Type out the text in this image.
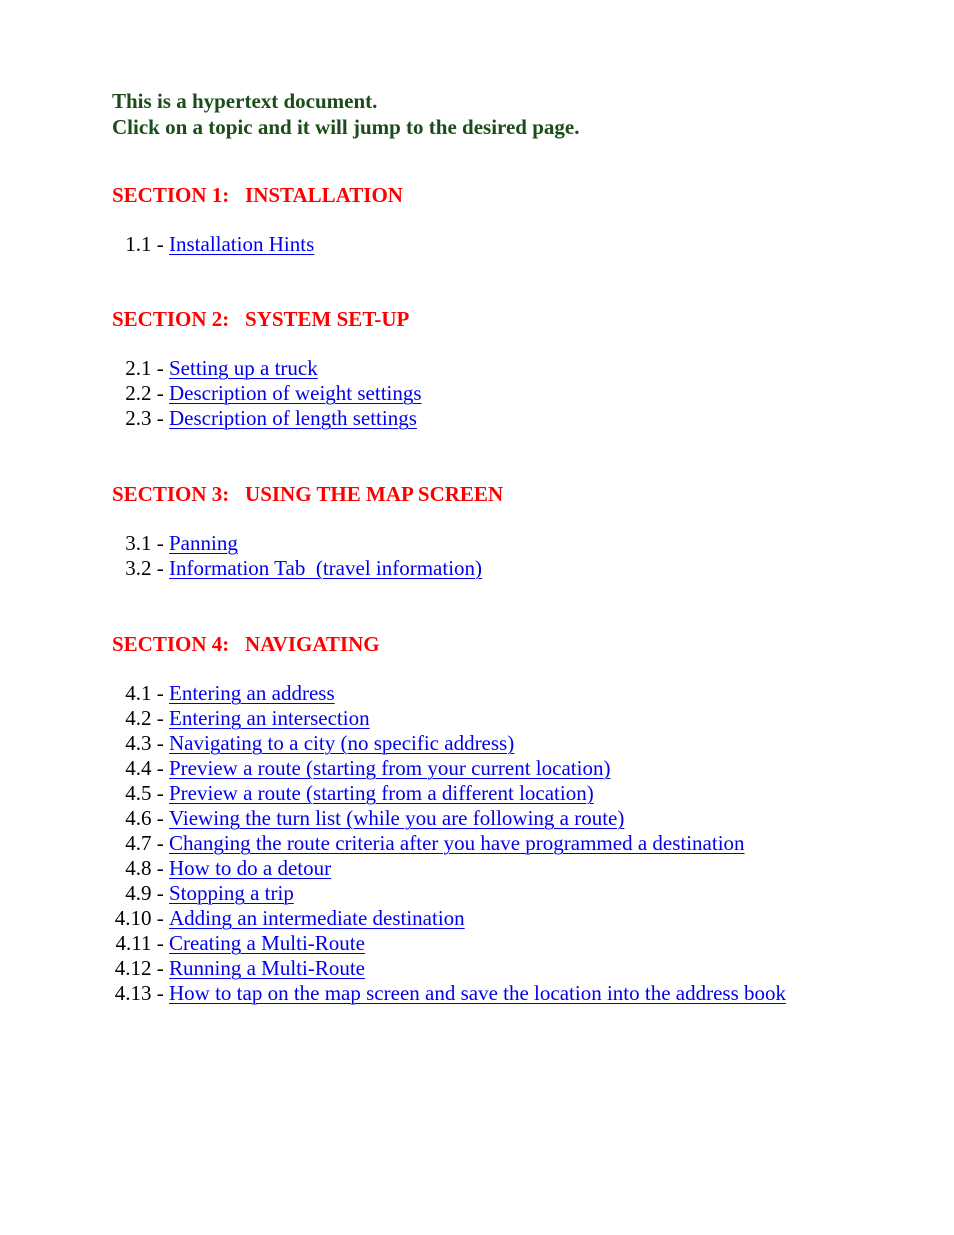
This is a hypertext document.
Click on a topic and it will jump to the desired page.
SECTION 1:   INSTALLATION
1.1 - Installation Hints
SECTION 2:   SYSTEM SET-UP
2.1 - Setting up a truck
2.2 - Description of weight settings
2.3 - Description of length settings
SECTION 3:   USING THE MAP SCREEN
3.1 - Panning
3.2 - Information Tab  (travel information)
SECTION 4:   NAVIGATING
4.1 - Entering an address
4.2 - Entering an intersection
4.3 - Navigating to a city (no specific address)
4.4 - Preview a route (starting from your current location)
4.5 - Preview a route (starting from a different location)
4.6 - Viewing the turn list (while you are following a route)
4.7 - Changing the route criteria after you have programmed a destination
4.8 - How to do a detour
4.9 - Stopping a trip
4.10 - Adding an intermediate destination
4.11 - Creating a Multi-Route
4.12 - Running a Multi-Route
4.13 - How to tap on the map screen and save the location into the address book
